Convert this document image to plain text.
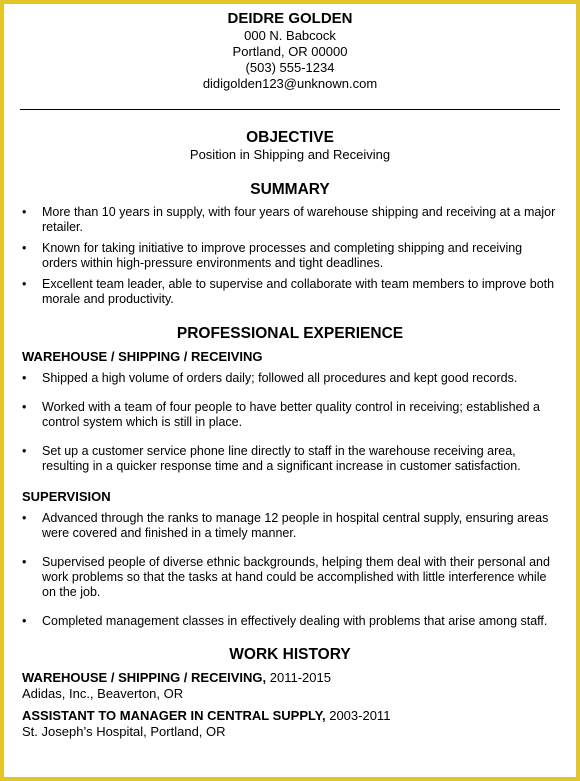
DEIDRE GOLDEN
000 N. Babcock
Portland, OR 00000
(503) 555-1234
didigolden123@unknown.com
OBJECTIVE
Position in Shipping and Receiving
SUMMARY
• More than 10 years in supply, with four years of warehouse shipping and receiving at a major retailer.
• Known for taking initiative to improve processes and completing shipping and receiving orders within high-pressure environments and tight deadlines.
• Excellent team leader, able to supervise and collaborate with team members to improve both morale and productivity.
PROFESSIONAL EXPERIENCE
WAREHOUSE / SHIPPING / RECEIVING
• Shipped a high volume of orders daily; followed all procedures and kept good records.
• Worked with a team of four people to have better quality control in receiving; established a control system which is still in place.
• Set up a customer service phone line directly to staff in the warehouse receiving area, resulting in a quicker response time and a significant increase in customer satisfaction.
SUPERVISION
• Advanced through the ranks to manage 12 people in hospital central supply, ensuring areas were covered and finished in a timely manner.
• Supervised people of diverse ethnic backgrounds, helping them deal with their personal and work problems so that the tasks at hand could be accomplished with little interference while on the job.
• Completed management classes in effectively dealing with problems that arise among staff.
WORK HISTORY
WAREHOUSE / SHIPPING / RECEIVING, 2011-2015
Adidas, Inc., Beaverton, OR
ASSISTANT TO MANAGER IN CENTRAL SUPPLY, 2003-2011
St. Joseph’s Hospital, Portland, OR
